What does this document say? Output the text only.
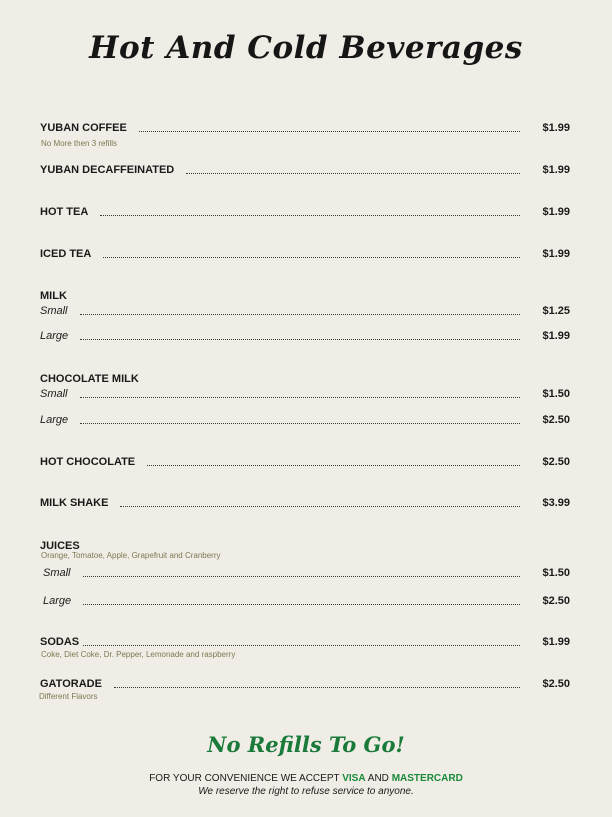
Hot And Cold Beverages
YUBAN COFFEE	$1.99
No More then 3 refills
YUBAN DECAFFEINATED	$1.99
HOT TEA	$1.99
ICED TEA	$1.99
MILK
Small	$1.25
Large	$1.99
CHOCOLATE MILK
Small	$1.50
Large	$2.50
HOT CHOCOLATE	$2.50
MILK SHAKE	$3.99
JUICES
Orange, Tomatoe, Apple, Grapefruit and Cranberry
Small	$1.50
Large	$2.50
SODAS	$1.99
Coke, Diet Coke, Dr. Pepper, Lemonade and raspberry
GATORADE	$2.50
Different Flavors
No Refills To Go!
FOR YOUR CONVENIENCE WE ACCEPT VISA AND MASTERCARD
We reserve the right to refuse service to anyone.
